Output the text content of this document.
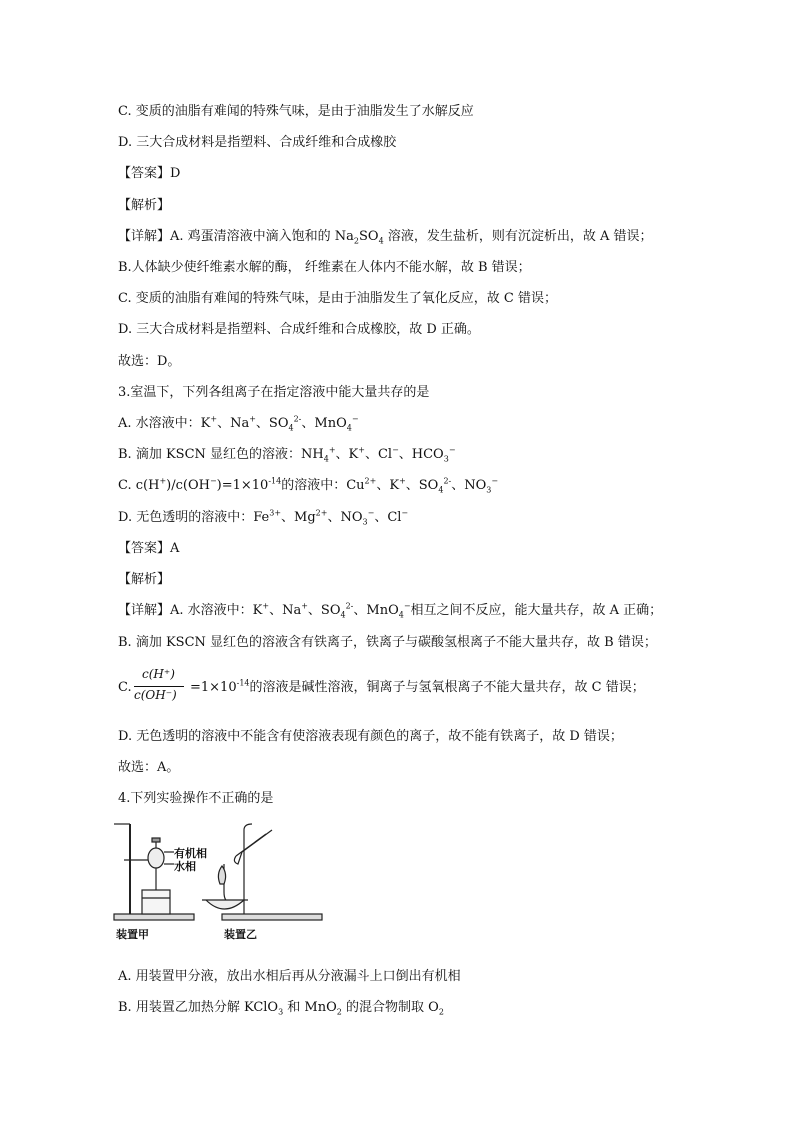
C. 变质的油脂有难闻的特殊气味，是由于油脂发生了水解反应
D. 三大合成材料是指塑料、合成纤维和合成橡胶
【答案】D
【解析】
【详解】A. 鸡蛋清溶液中滴入饱和的 $Na_2SO_4$ 溶液，发生盐析，则有沉淀析出，故 A 错误；
B.人体缺少使纤维素水解的酶， 纤维素在人体内不能水解，故 B 错误；
C. 变质的油脂有难闻的特殊气味，是由于油脂发生了氧化反应，故 C 错误；
D. 三大合成材料是指塑料、合成纤维和合成橡胶，故 D 正确。
故选：D。
3.室温下，下列各组离子在指定溶液中能大量共存的是
A. 水溶液中：K+、Na+、$SO_4^{2-}$、MnO$_4$−
B. 滴加 KSCN 显红色的溶液：$NH_4^+$、K+、Cl−、$HCO_3^-$
C. $c(H^+)/c(OH^-)=1\times 10^{-14}$的溶液中：$Cu^{2+}$、K+、$SO_4^{2-}$、$NO_3^-$
D. 无色透明的溶液中：$Fe^{3+}$、$Mg^{2+}$、$NO_3^-$、Cl−
【答案】A
【解析】
【详解】A. 水溶液中：K+、Na+、$SO_4^{2-}$、MnO$_4$−相互之间不反应，能大量共存，故 A 正确；
B. 滴加 KSCN 显红色的溶液含有铁离子，铁离子与碳酸氢根离子不能大量共存，故 B 错误；
C.
D. 无色透明的溶液中不能含有使溶液表现有颜色的离子，故不能有铁离子，故 D 错误；
故选：A。
4.下列实验操作不正确的是
A. 用装置甲分液，放出水相后再从分液漏斗上口倒出有机相
B. 用装置乙加热分解 KClO$_3$ 和 MnO$_2$ 的混合物制取 $O_2$
c(H⁺)
$c(OH^-) =1\times 10^{-14}$的溶液是碱性溶液，铜离子与氢氧根离子不能大量共存，故 C 错误；
有机相
水相
装置甲	装置乙
